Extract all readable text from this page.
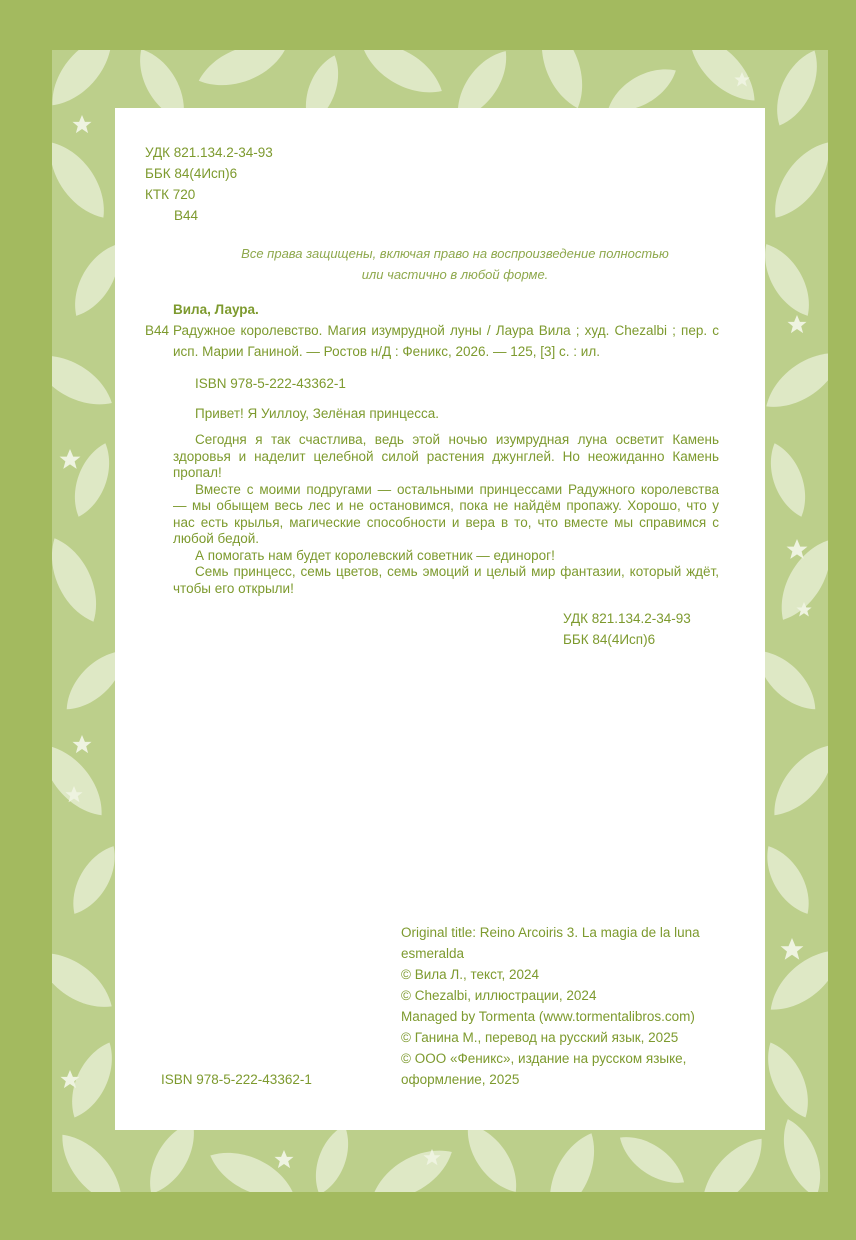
УДК 821.134.2-34-93
ББК 84(4Исп)6
КТК 720
В44
Все права защищены, включая право на воспроизведение полностью
или частично в любой форме.
Вила, Лаура.
В44 Радужное королевство. Магия изумрудной луны / Лаура Вила ; худ. Chezalbi ; пер. с исп. Марии Ганиной. — Ростов н/Д : Феникс, 2026. — 125, [3] с. : ил.
ISBN 978-5-222-43362-1
Привет! Я Уиллоу, Зелёная принцесса.

Сегодня я так счастлива, ведь этой ночью изумрудная луна осветит Камень здоровья и наделит целебной силой растения джунглей. Но неожиданно Камень пропал!

Вместе с моими подругами — остальными принцессами Радужного королевства — мы обыщем весь лес и не остановимся, пока не найдём пропажу. Хорошо, что у нас есть крылья, магические способности и вера в то, что вместе мы справимся с любой бедой.

А помогать нам будет королевский советник — единорог!

Семь принцесс, семь цветов, семь эмоций и целый мир фантазии, который ждёт, чтобы его открыли!

УДК 821.134.2-34-93
ББК 84(4Исп)6
Original title: Reino Arcoiris 3. La magia de la luna esmeralda
© Вила Л., текст, 2024
© Chezalbi, иллюстрации, 2024
Managed by Tormenta (www.tormentalibros.com)
© Ганина М., перевод на русский язык, 2025
© ООО «Феникс», издание на русском языке, оформление, 2025
ISBN 978-5-222-43362-1
